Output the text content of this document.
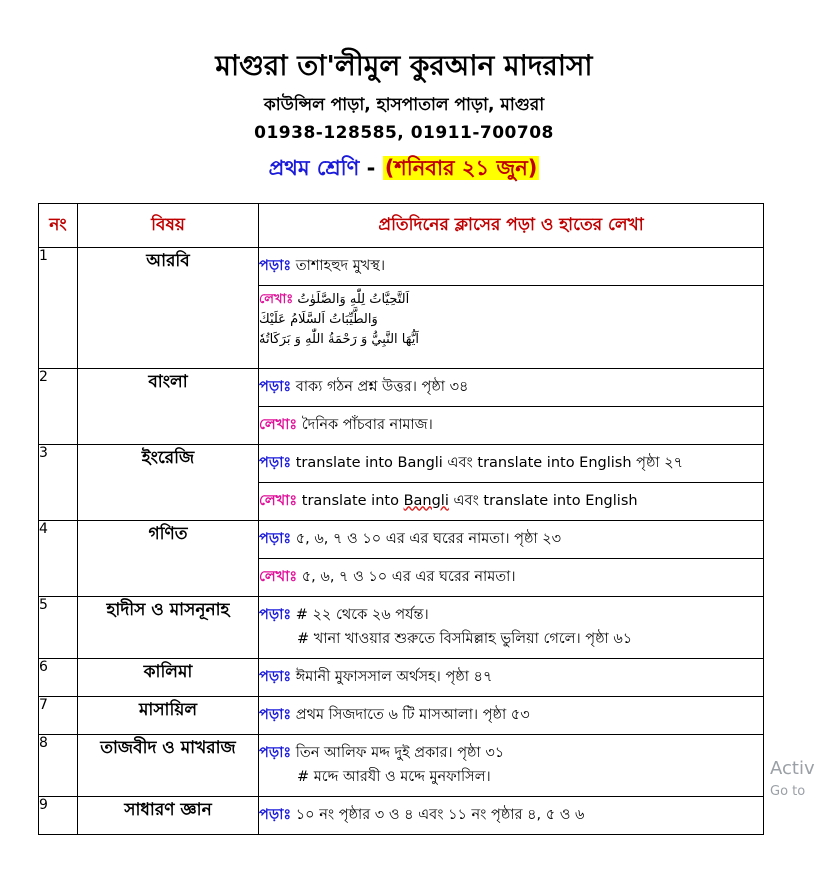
মাগুরা তা'লীমুল কুরআন মাদরাসা
কাউন্সিল পাড়া, হাসপাতাল পাড়া, মাগুরা
01938-128585, 01911-700708
প্রথম শ্রেণি - (শনিবার ২১ জুন)
নং	বিষয়	প্রতিদিনের ক্লাসের পড়া ও হাতের লেখা
1	আরবি	পড়াঃ তাশাহহুদ মুখস্থ।

		লেখাঃ اَلتَّحِيَّاتُ لِلّٰهِ وَالصَّلَوٰتُ
وَالطَّيِّبَاتُ اَلسَّلَامُ عَلَيْكَ
اَيُّهَا النَّبِيُّ وَ رَحْمَةُ اللّٰهِ وَ بَرَكَاتُهٗ

2	বাংলা	পড়াঃ বাক্য গঠন প্রশ্ন উত্তর। পৃষ্ঠা ৩৪
		লেখাঃ দৈনিক পাঁচবার নামাজ।
3	ইংরেজি	পড়াঃ translate into Bangli এবং translate into English পৃষ্ঠা ২৭
		লেখাঃ translate into Bangli এবং translate into English
4	গণিত	পড়াঃ ৫, ৬, ৭ ও ১০ এর এর ঘরের নামতা। পৃষ্ঠা ২৩
		লেখাঃ ৫, ৬, ৭ ও ১০ এর এর ঘরের নামতা।
5	হাদীস ও মাসনূনাহ	পড়াঃ # ২২ থেকে ২৬ পর্যন্ত।
# খানা খাওয়ার শুরুতে বিসমিল্লাহ ভুলিয়া গেলে। পৃষ্ঠা ৬১

6	কালিমা	পড়াঃ ঈমানী মুফাসসাল অর্থসহ। পৃষ্ঠা ৪৭
7	মাসায়িল	পড়াঃ প্রথম সিজদাতে ৬ টি মাসআলা। পৃষ্ঠা ৫৩
8	তাজবীদ ও মাখরাজ	পড়াঃ তিন আলিফ মদ্দ দুই প্রকার। পৃষ্ঠা ৩১
# মদ্দে আরযী ও মদ্দে মুনফাসিল।

9	সাধারণ জ্ঞান	পড়াঃ ১০ নং পৃষ্ঠার ৩ ও ৪ এবং ১১ নং পৃষ্ঠার ৪, ৫ ও ৬
Activ
Go to
